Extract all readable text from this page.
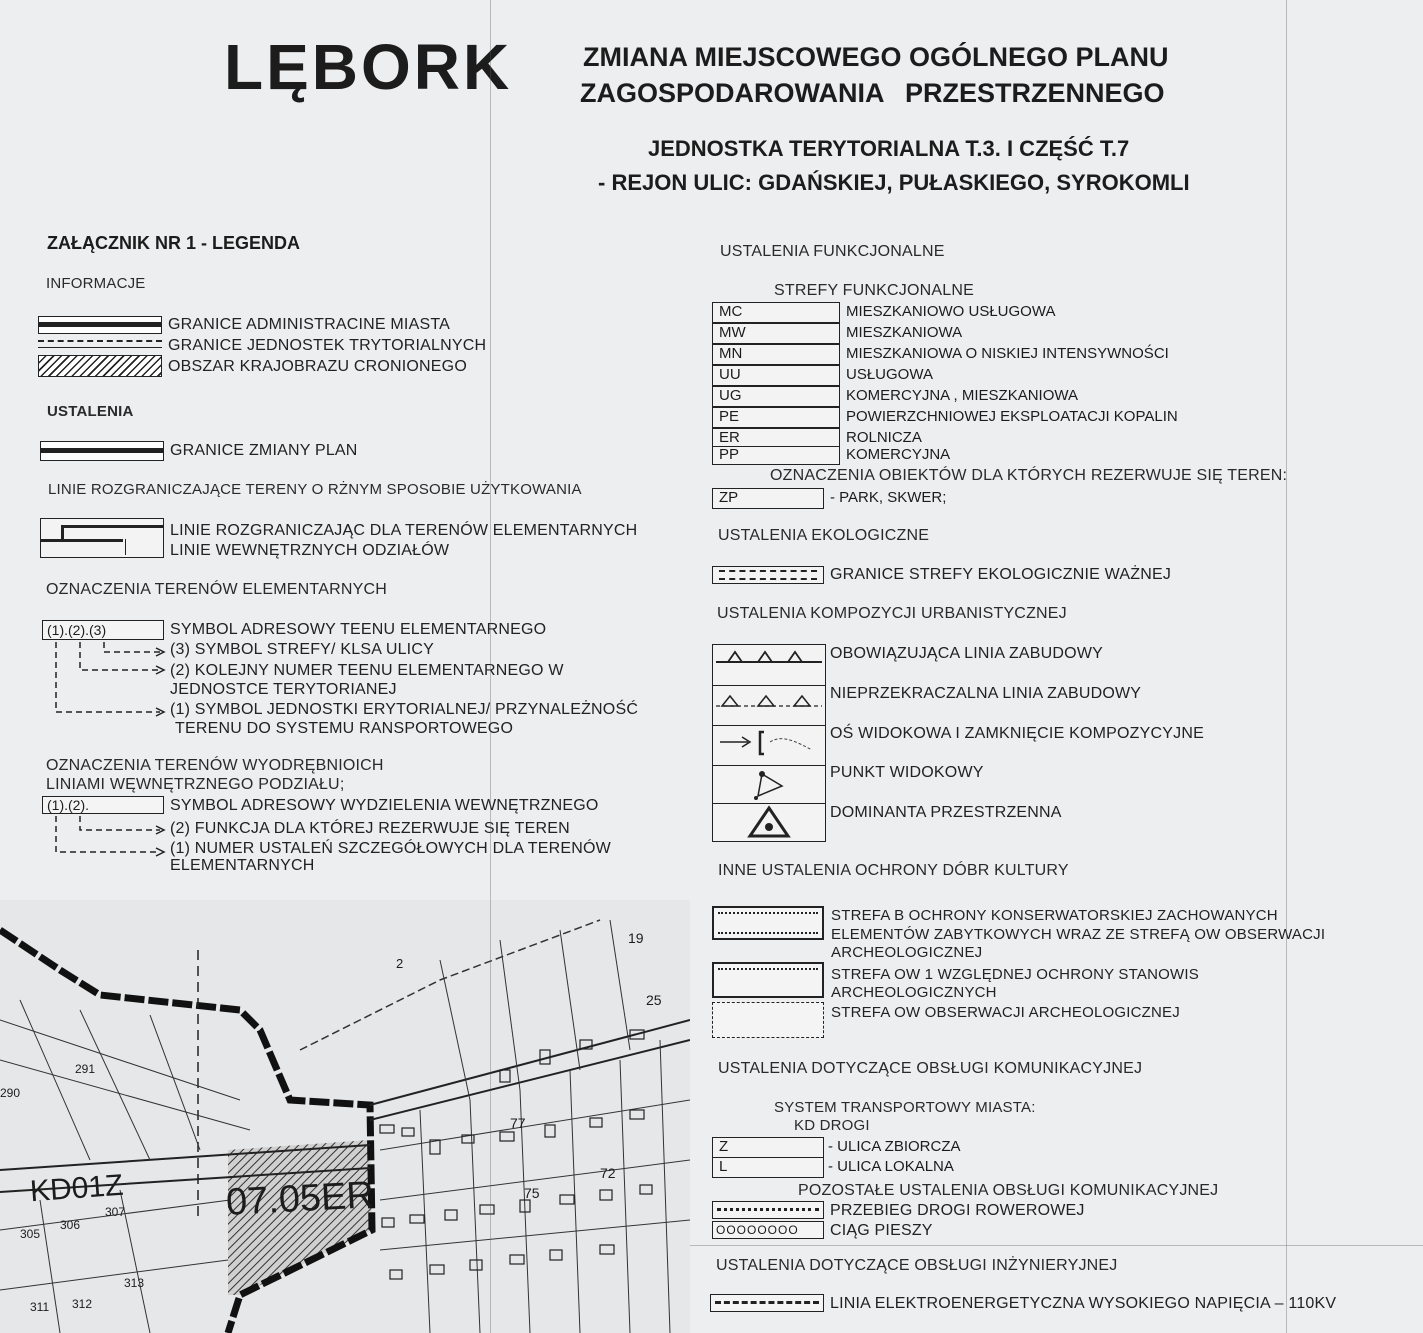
LĘBORK	ZMIANA MIEJSCOWEGO OGÓLNEGO PLANU
ZAGOSPODAROWANIA PRZESTRZENNEGO
JEDNOSTKA TERYTORIALNA T.3. I CZĘŚĆ T.7
- REJON ULIC: GDAŃSKIEJ, PUŁASKIEGO, SYROKOMLI
ZAŁĄCZNIK NR 1 - LEGENDA
INFORMACJE
GRANICE ADMINISTRACINE MIASTA
GRANICE JEDNOSTEK TRYTORIALNYCH
OBSZAR KRAJOBRAZU CRONIONEGO
USTALENIA
GRANICE ZMIANY PLAN
LINIE ROZGRANICZAJĄCE TERENY O RŻNYM SPOSOBIE UŻYTKOWANIA
LINIE ROZGRANICZAJĄC DLA TERENÓW ELEMENTARNYCH
LINIE WEWNĘTRZNYCH ODZIAŁÓW
OZNACZENIA TERENÓW ELEMENTARNYCH
(1).(2).(3)	SYMBOL ADRESOWY TEENU ELEMENTARNEGO
(3) SYMBOL STREFY/ KLSA ULICY
(2) KOLEJNY NUMER TEENU ELEMENTARNEGO W
JEDNOSTCE TERYTORIANEJ
(1) SYMBOL JEDNOSTKI ERYTORIALNEJ/ PRZYNALEŻNOŚĆ
TERENU DO SYSTEMU RANSPORTOWEGO
OZNACZENIA TERENÓW WYODRĘBNIOICH
LINIAMI WĘWNĘTRZNEGO PODZIAŁU;
(1).(2).	SYMBOL ADRESOWY WYDZIELENIA WEWNĘTRZNEGO
(2) FUNKCJA DLA KTÓREJ REZERWUJE SIĘ TEREN
(1) NUMER USTALEŃ SZCZEGÓŁOWYCH DLA TERENÓW
ELEMENTARNYCH
KD01Z	07.05ER
291
290
307
305
306
311 312
313
2
19
25
72
75
77
USTALENIA FUNKCJONALNE
STREFY FUNKCJONALNE
MC	MIESZKANIOWO USŁUGOWA
MW	MIESZKANIOWA
MN	MIESZKANIOWA O NISKIEJ INTENSYWNOŚCI
UU	USŁUGOWA
UG	KOMERCYJNA , MIESZKANIOWA
PE	POWIERZCHNIOWEJ EKSPLOATACJI KOPALIN
ER	ROLNICZA
PP	KOMERCYJNA
OZNACZENIA OBIEKTÓW DLA KTÓRYCH REZERWUJE SIĘ TEREN:
ZP	- PARK, SKWER;
USTALENIA EKOLOGICZNE
GRANICE STREFY EKOLOGICZNIE WAŻNEJ
USTALENIA KOMPOZYCJI URBANISTYCZNEJ
OBOWIĄZUJĄCA LINIA ZABUDOWY
NIEPRZEKRACZALNA LINIA ZABUDOWY
OŚ WIDOKOWA I ZAMKNIĘCIE KOMPOZYCYJNE
PUNKT WIDOKOWY
DOMINANTA PRZESTRZENNA
INNE USTALENIA OCHRONY DÓBR KULTURY
STREFA B OCHRONY KONSERWATORSKIEJ ZACHOWANYCH
ELEMENTÓW ZABYTKOWYCH WRAZ ZE STREFĄ OW OBSERWACJI
ARCHEOLOGICZNEJ
STREFA OW 1 WZGLĘDNEJ OCHRONY STANOWIS
ARCHEOLOGICZNYCH
STREFA OW OBSERWACJI ARCHEOLOGICZNEJ
USTALENIA DOTYCZĄCE OBSŁUGI KOMUNIKACYJNEJ
SYSTEM TRANSPORTOWY MIASTA:
KD DROGI
Z	- ULICA ZBIORCZA
L	- ULICA LOKALNA
POZOSTAŁE USTALENIA OBSŁUGI KOMUNIKACYJNEJ
PRZEBIEG DROGI ROWEROWEJ
OOOOOOOO	CIĄG PIESZY
USTALENIA DOTYCZĄCE OBSŁUGI INŻYNIERYJNEJ
LINIA ELEKTROENERGETYCZNA WYSOKIEGO NAPIĘCIA – 110KV
